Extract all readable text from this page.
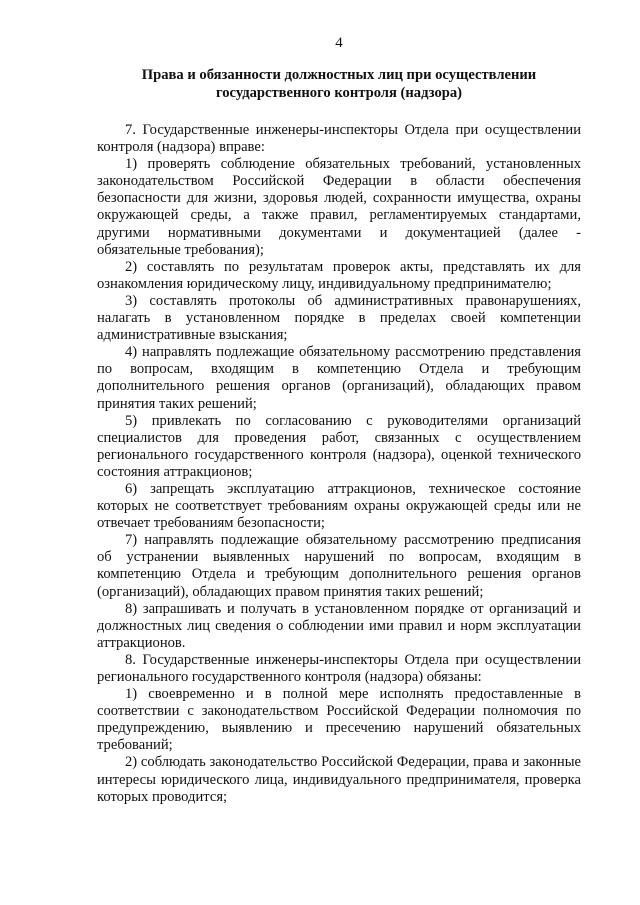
4
Права и обязанности должностных лиц при осуществлении
государственного контроля (надзора)

7. Государственные инженеры-инспекторы Отдела при осуществлении контроля (надзора) вправе:

1) проверять соблюдение обязательных требований, установленных законодательством Российской Федерации в области обеспечения безопасности для жизни, здоровья людей, сохранности имущества, охраны окружающей среды, а также правил, регламентируемых стандартами, другими нормативными документами и документацией (далее - обязательные требования);

2) составлять по результатам проверок акты, представлять их для ознакомления юридическому лицу, индивидуальному предпринимателю;

3) составлять протоколы об административных правонарушениях, налагать в установленном порядке в пределах своей компетенции административные взыскания;

4) направлять подлежащие обязательному рассмотрению представления по вопросам, входящим в компетенцию Отдела и требующим дополнительного решения органов (организаций), обладающих правом принятия таких решений;

5) привлекать по согласованию с руководителями организаций специалистов для проведения работ, связанных с осуществлением регионального государственного контроля (надзора), оценкой технического состояния аттракционов;

6) запрещать эксплуатацию аттракционов, техническое состояние которых не соответствует требованиям охраны окружающей среды или не отвечает требованиям безопасности;

7) направлять подлежащие обязательному рассмотрению предписания об устранении выявленных нарушений по вопросам, входящим в компетенцию Отдела и требующим дополнительного решения органов (организаций), обладающих правом принятия таких решений;

8) запрашивать и получать в установленном порядке от организаций и должностных лиц сведения о соблюдении ими правил и норм эксплуатации аттракционов.

8. Государственные инженеры-инспекторы Отдела при осуществлении регионального государственного контроля (надзора) обязаны:

1) своевременно и в полной мере исполнять предоставленные в соответствии с законодательством Российской Федерации полномочия по предупреждению, выявлению и пресечению нарушений обязательных требований;

2) соблюдать законодательство Российской Федерации, права и законные интересы юридического лица, индивидуального предпринимателя, проверка которых проводится;
